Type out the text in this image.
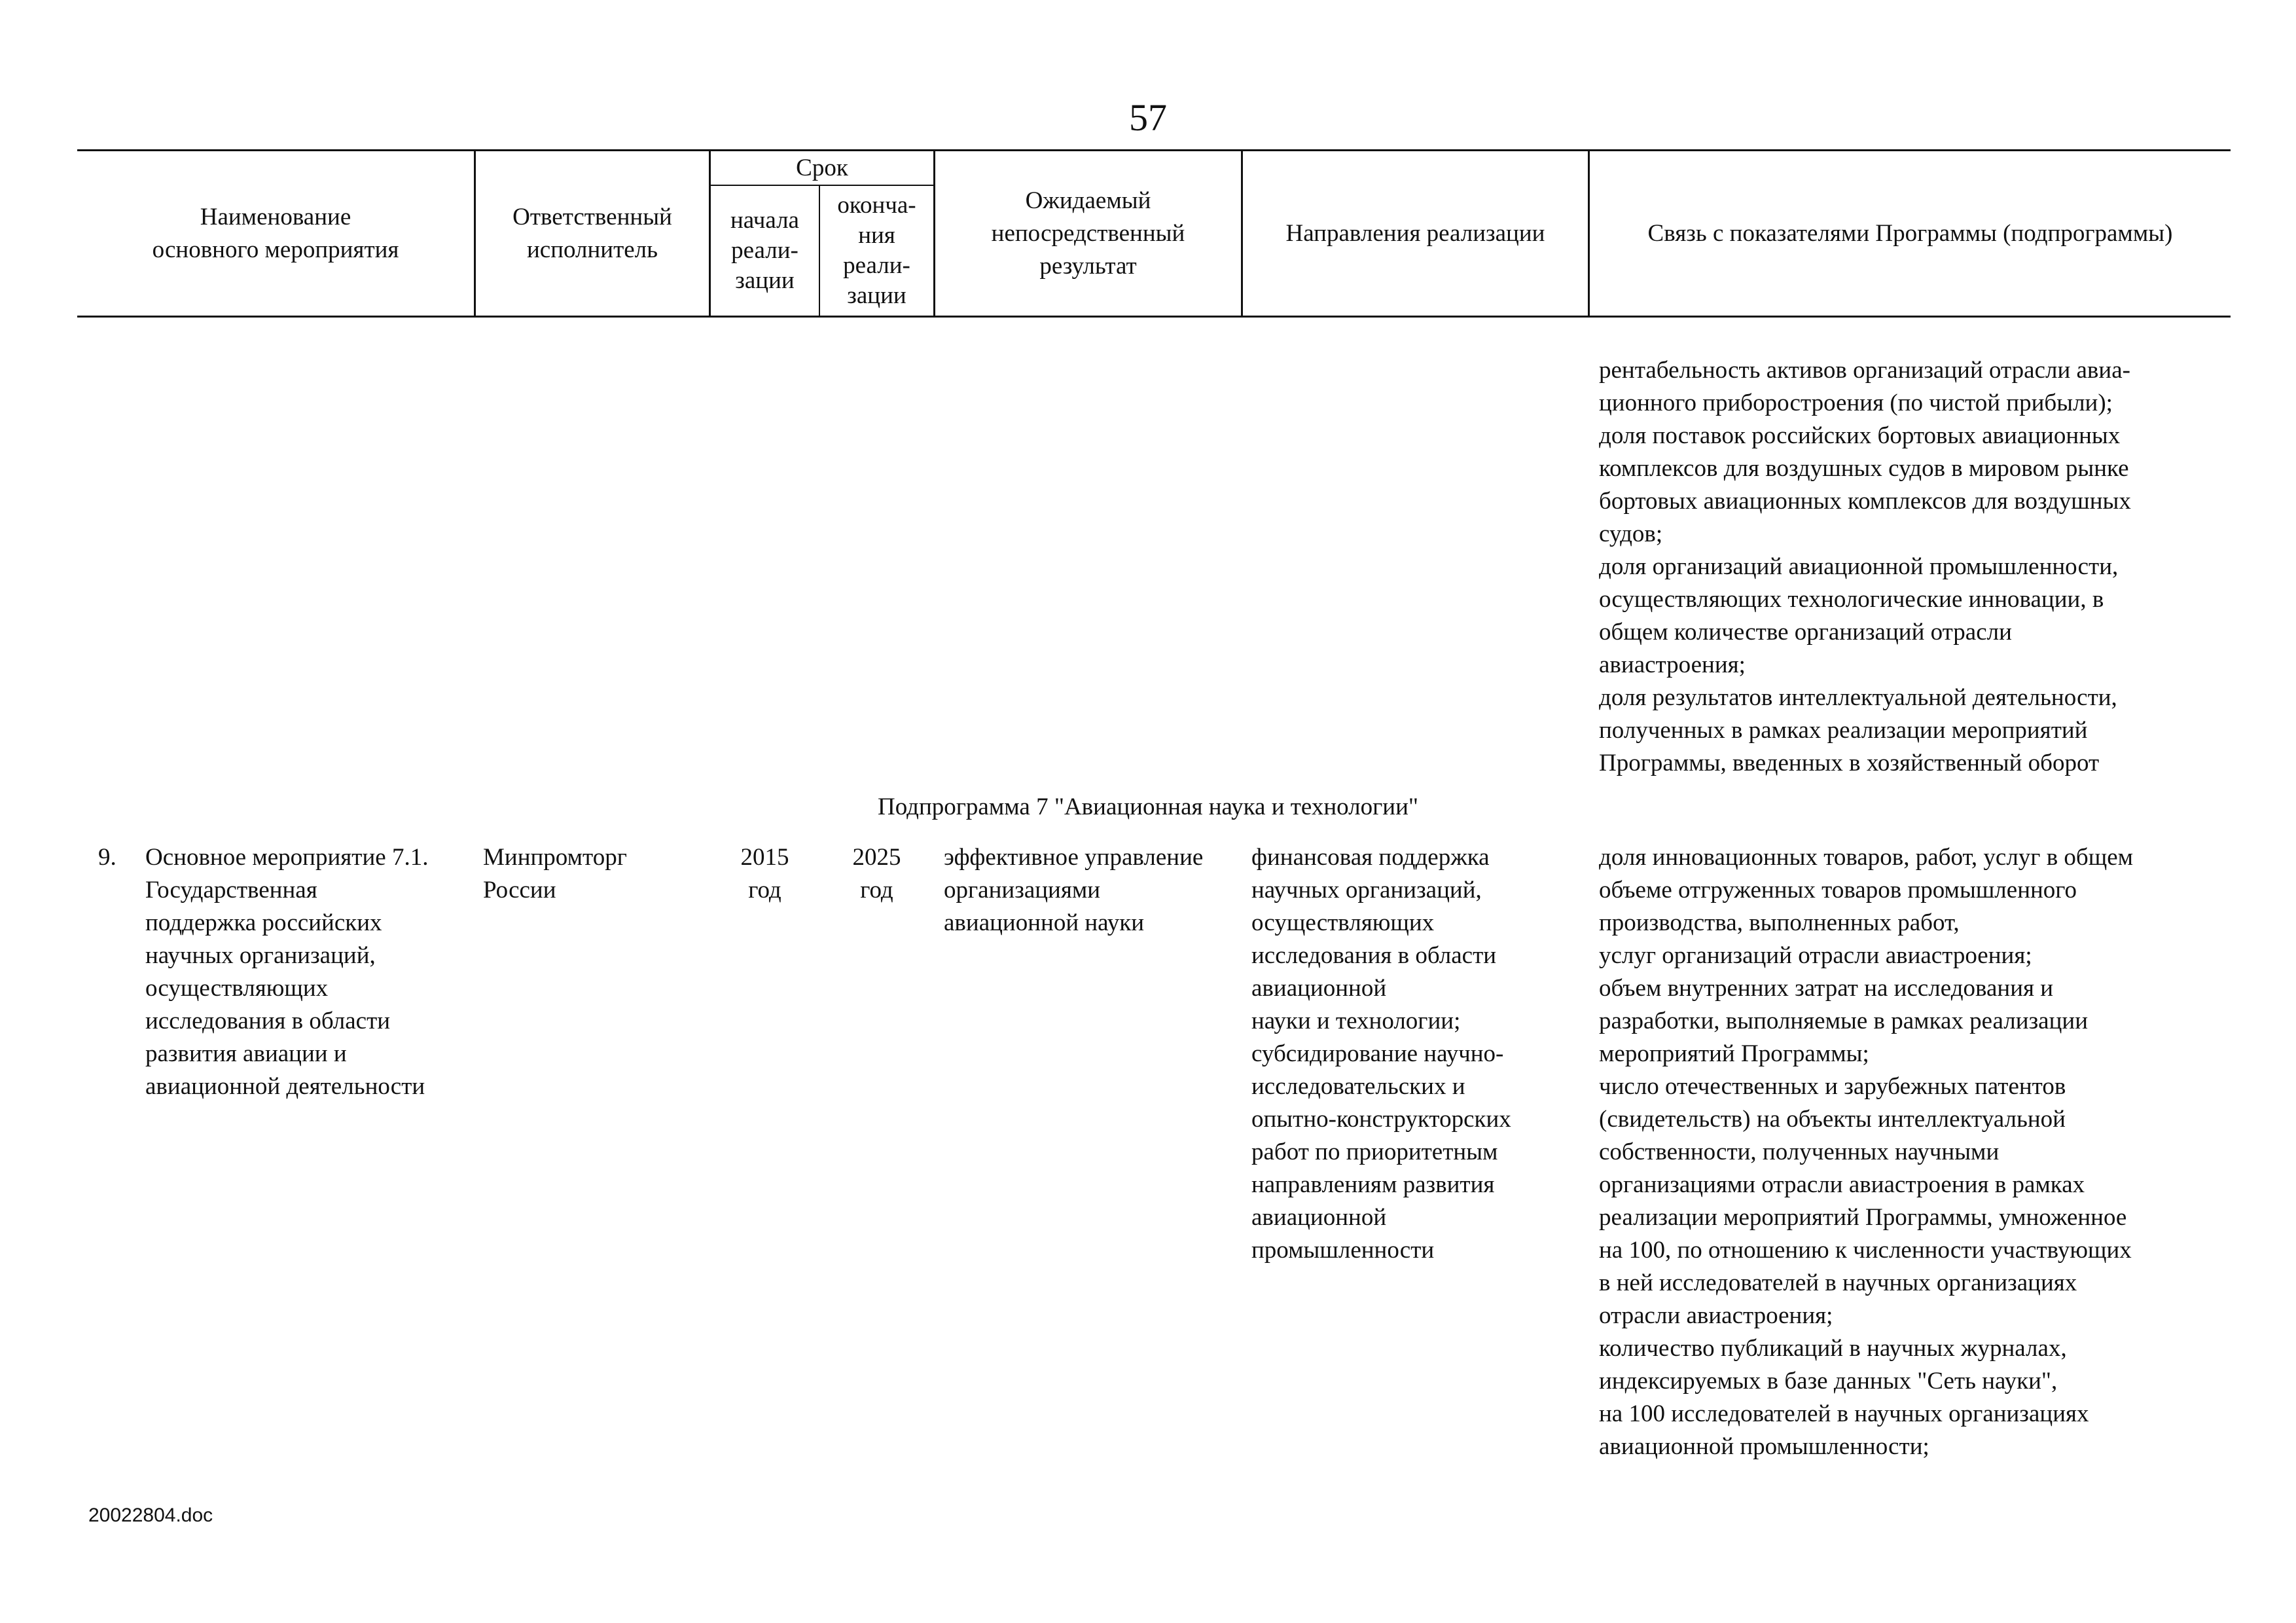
57
Наименование
основного мероприятия
Ответственный
исполнитель
Срок
начала
реали-
зации
оконча-
ния
реали-
зации
Ожидаемый
непосредственный
результат
Направления реализации	Связь с показателями Программы (подпрограммы)
рентабельность активов организаций отрасли авиа-
ционного приборостроения (по чистой прибыли);
доля поставок российских бортовых авиационных
комплексов для воздушных судов в мировом рынке
бортовых авиационных комплексов для воздушных
судов;
доля организаций авиационной промышленности,
осуществляющих технологические инновации, в
общем количестве организаций отрасли
авиастроения;
доля результатов интеллектуальной деятельности,
полученных в рамках реализации мероприятий
Программы, введенных в хозяйственный оборот
Подпрограмма 7 "Авиационная наука и технологии"
9. Основное мероприятие 7.1.
Государственная
поддержка российских
научных организаций,
осуществляющих
исследования в области
развития авиации и
авиационной деятельности
Минпромторг
России
2015
год
2025
год
эффективное управление
организациями
авиационной науки
финансовая поддержка
научных организаций,
осуществляющих
исследования в области
авиационной
науки и технологии;
субсидирование научно-
исследовательских и
опытно-конструкторских
работ по приоритетным
направлениям развития
авиационной
промышленности
доля инновационных товаров, работ, услуг в общем
объеме отгруженных товаров промышленного
производства, выполненных работ,
услуг организаций отрасли авиастроения;
объем внутренних затрат на исследования и
разработки, выполняемые в рамках реализации
мероприятий Программы;
число отечественных и зарубежных патентов
(свидетельств) на объекты интеллектуальной
собственности, полученных научными
организациями отрасли авиастроения в рамках
реализации мероприятий Программы, умноженное
на 100, по отношению к численности участвующих
в ней исследователей в научных организациях
отрасли авиастроения;
количество публикаций в научных журналах,
индексируемых в базе данных "Сеть науки",
на 100 исследователей в научных организациях
авиационной промышленности;
20022804.doc
